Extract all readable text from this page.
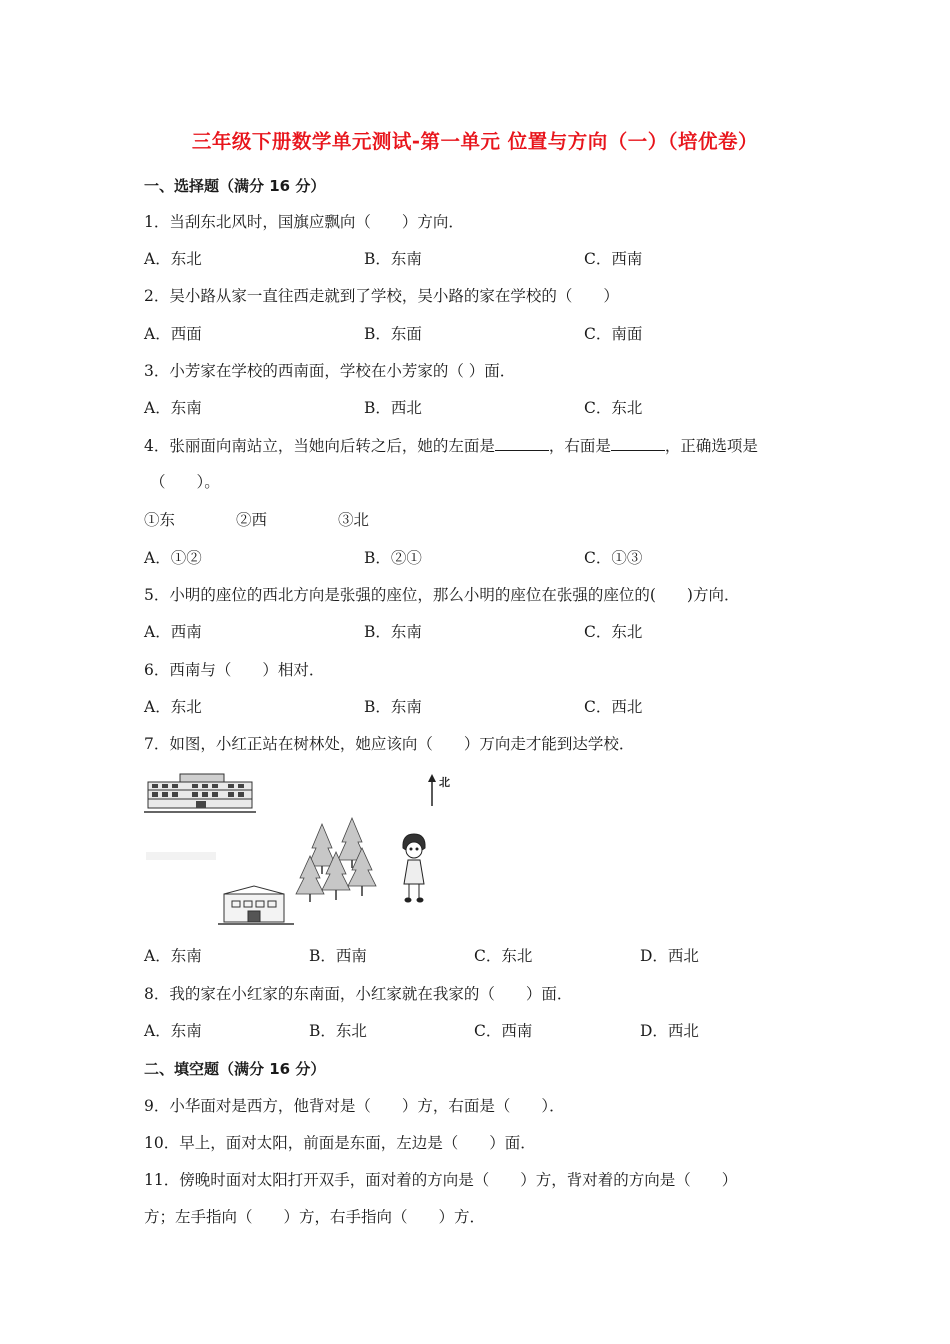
三年级下册数学单元测试-第一单元 位置与方向（一）（培优卷）
一、选择题（满分 16 分）
1．当刮东北风时，国旗应飘向（　　）方向．
A．东北	B．东南	C．西南
2．吴小路从家一直往西走就到了学校，吴小路的家在学校的（　　）
A．西面	B．东面	C．南面
3．小芳家在学校的西南面，学校在小芳家的（ ）面．
A．东南	B．西北	C．东北
4．张丽面向南站立，当她向后转之后，她的左面是	，右面是	，正确选项是
（　　）。
①东	②西	③北
A．①②	B．②①	C．①③
5．小明的座位的西北方向是张强的座位，那么小明的座位在张强的座位的(　　)方向．
A．西南	B．东南	C．东北
6．西南与（　　）相对．
A．东北	B．东南	C．西北
7．如图，小红正站在树林处，她应该向（　　）万向走才能到达学校．
北
A．东南	B．西南	C．东北	D．西北
8．我的家在小红家的东南面，小红家就在我家的（　　）面．
A．东南	B．东北	C．西南	D．西北
二、填空题（满分 16 分）
9．小华面对是西方，他背对是（　　）方，右面是（　　）．
10．早上，面对太阳，前面是东面，左边是（　　）面．
11．傍晚时面对太阳打开双手，面对着的方向是（　　）方，背对着的方向是（　　）
方；左手指向（　　）方，右手指向（　　）方．
